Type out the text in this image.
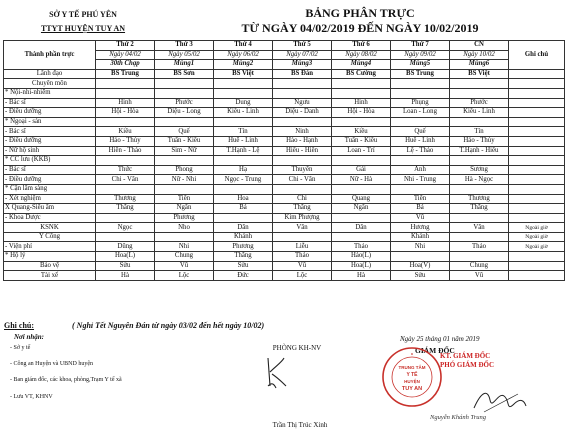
SỞ Y TẾ PHÚ YÊN
TTYT HUYỆN TUY AN
BẢNG PHÂN TRỰC
TỪ NGÀY 04/02/2019 ĐẾN NGÀY 10/02/2019
Thành phần trực	Thứ 2	Thứ 3	Thứ 4	Thứ 5	Thứ 6	Thứ 7	CN	Ghi chú
	Ngày 04/02	Ngày 05/02	Ngày 06/02	Ngày 07/02	Ngày 08/02	Ngày 09/02	Ngày 10/02	
	30th Chạp	Mùng1	Mùng2	Mùng3	Mùng4	Mùng5	Mùng6	
Lãnh đạo	BS Trung	BS Sơn	BS Việt	BS Đản	BS Cường	BS Trung	BS Việt	
Chuyên môn								
* Nội-nhi-nhiễm								
- Bác sĩ	Hinh	Phước	Dung	Ngưu	Hinh	Phụng	Phước	
- Điều dưỡng	Hội - Hòa	Diệu - Long	Kiều - Linh	Diệu - Danh	Hội - Hòa	Loan - Long	Kiều - Linh	
* Ngoại - sản								
- Bác sĩ	Kiều	Quế	Tín	Ninh	Kiều	Quế	Tín	
- Điều dưỡng	Hảo - Thủy	Tuấn - Kiều	Huê - Linh	Hảo - Hạnh	Tuấn - Kiều	Huê - Linh	Hảo - Thủy	
- Nữ hộ sinh	Hiền - Thảo	Sim - Nữ	T.Hạnh - Lệ	Hiếu - Hiền	Loan - Trí	Lệ - Thảo	T.Hạnh - Hiếu	
* CC lưu (KKB)								
- Bác sĩ	Thức	Phong	Hạ	Thuyên	Gái	Anh	Sương	
- Điều dưỡng	Chi - Vân	Nữ - Nhi	Ngọc - Trung	Chi - Vân	Nữ - Hà	Nhi - Trung	Hà - Ngọc	
* Cận lâm sàng								
- Xét nghiệm	Thương	Tiên	Hoa	Chi	Quang	Tiên	Thương	
X Quang-Siêu âm	Thắng	Ngân	Bá	Thắng	Ngân	Bá	Thắng	
- Khoa Dược		Phương		Kim Phượng		Vũ		
KSNK	Ngọc	Nho	Dân	Vân	Dân	Hương	Vân	Ngoài giờ
Y Công			Khánh			Khánh		Ngoài giờ
- Viện phí	Dũng	Nhi	Phương	Liễu	Thảo	Nhi	Thảo	Ngoài giờ
* Hộ lý	Hoa(L)	Chung	Thắng	Thảo	Hảo(L)			
Bảo vệ	Sửu	Vũ	Sửu	Vũ	Hoa(L)	Hoa(V)	Chung	
Tài xế	Hà	Lộc	Đức	Lộc	Hà	Sửu	Vũ	
Ghi chú:	( Nghỉ Tết Nguyên Đán từ ngày 03/02 đến hết ngày 10/02)
Nơi nhận:
- Sở y tế
- Công an Huyện và UBND huyện
- Ban giám đốc, các khoa, phòng,Trạm Y tế xã
- Lưu VT, KHNV
PHÒNG KH-NV
Trần Thị Trúc Xinh
Ngày 25 tháng 01 năm 2019
GIÁM ĐỐC
KT. GIÁM ĐỐC
PHÓ GIÁM ĐỐC
*
TRUNG TÂM
Y TẾ
HUYỆN
TUY AN
Nguyễn Khánh Trung
